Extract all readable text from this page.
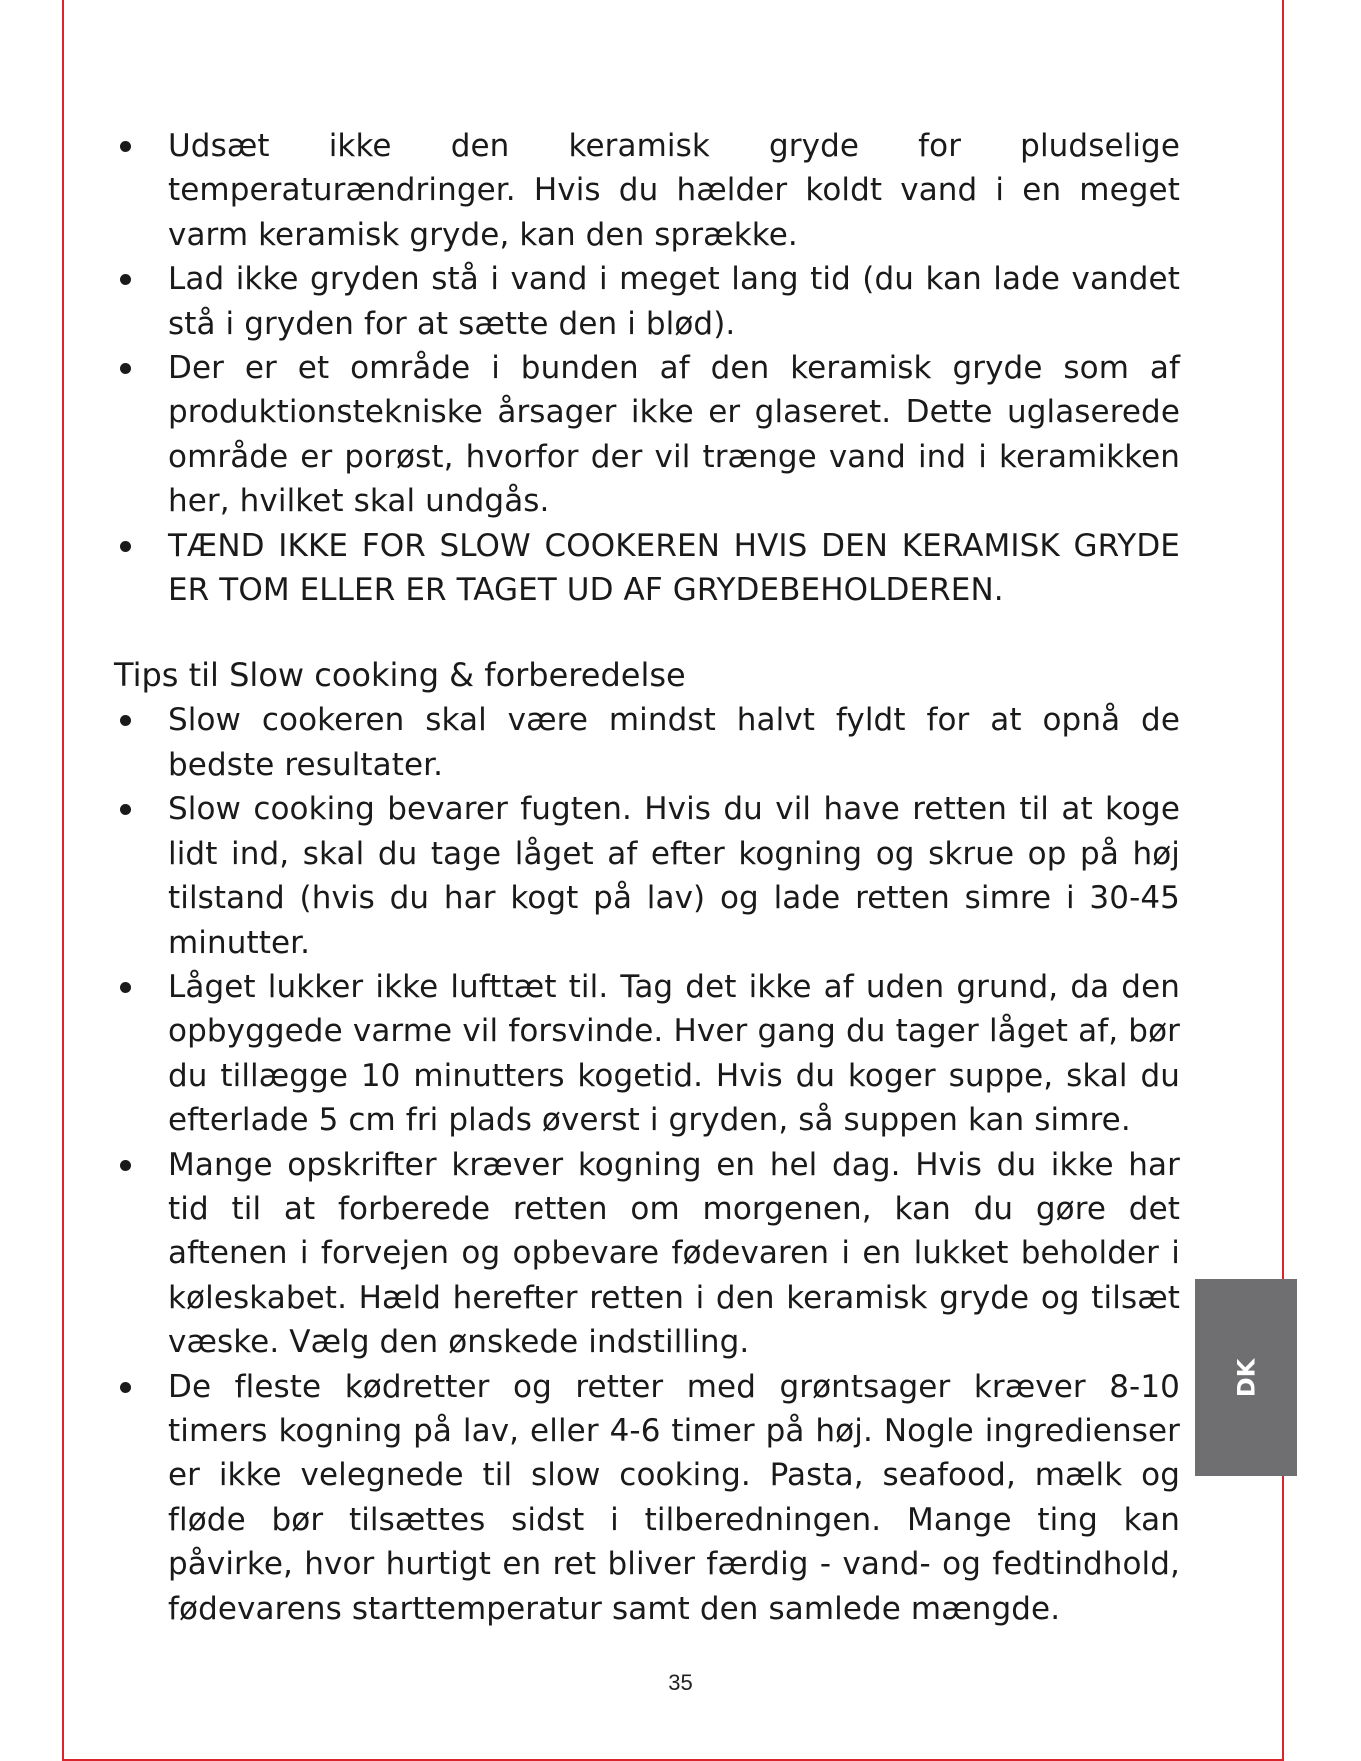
Udsæt ikke den keramisk gryde for pludselige temperaturændringer. Hvis du hælder koldt vand i en meget varm keramisk gryde, kan den sprække.
Lad ikke gryden stå i vand i meget lang tid (du kan lade vandet stå i gryden for at sætte den i blød).
Der er et område i bunden af den keramisk gryde som af produktionstekniske årsager ikke er glaseret. Dette uglaserede område er porøst, hvorfor der vil trænge vand ind i keramikken her, hvilket skal undgås.
TÆND IKKE FOR SLOW COOKEREN HVIS DEN KERAMISK GRYDE ER TOM ELLER ER TAGET UD AF GRYDEBEHOLDEREN.
Tips til Slow cooking & forberedelse
Slow cookeren skal være mindst halvt fyldt for at opnå de bedste resultater.
Slow cooking bevarer fugten. Hvis du vil have retten til at koge lidt ind, skal du tage låget af efter kogning og skrue op på høj tilstand (hvis du har kogt på lav) og lade retten simre i 30-45 minutter.
Låget lukker ikke lufttæt til. Tag det ikke af uden grund, da den opbyggede varme vil forsvinde. Hver gang du tager låget af, bør du tillægge 10 minutters kogetid. Hvis du koger suppe, skal du efterlade 5 cm fri plads øverst i gryden, så suppen kan simre.
Mange opskrifter kræver kogning en hel dag. Hvis du ikke har tid til at forberede retten om morgenen, kan du gøre det aftenen i forvejen og opbevare fødevaren i en lukket beholder i køleskabet. Hæld herefter retten i den keramisk gryde og tilsæt væske. Vælg den ønskede indstilling.
De fleste kødretter og retter med grøntsager kræver 8-10 timers kogning på lav, eller 4-6 timer på høj. Nogle ingredienser er ikke velegnede til slow cooking. Pasta, seafood, mælk og fløde bør tilsættes sidst i tilberedningen. Mange ting kan påvirke, hvor hurtigt en ret bliver færdig - vand- og fedtindhold, fødevarens starttemperatur samt den samlede mængde.
DK
35
